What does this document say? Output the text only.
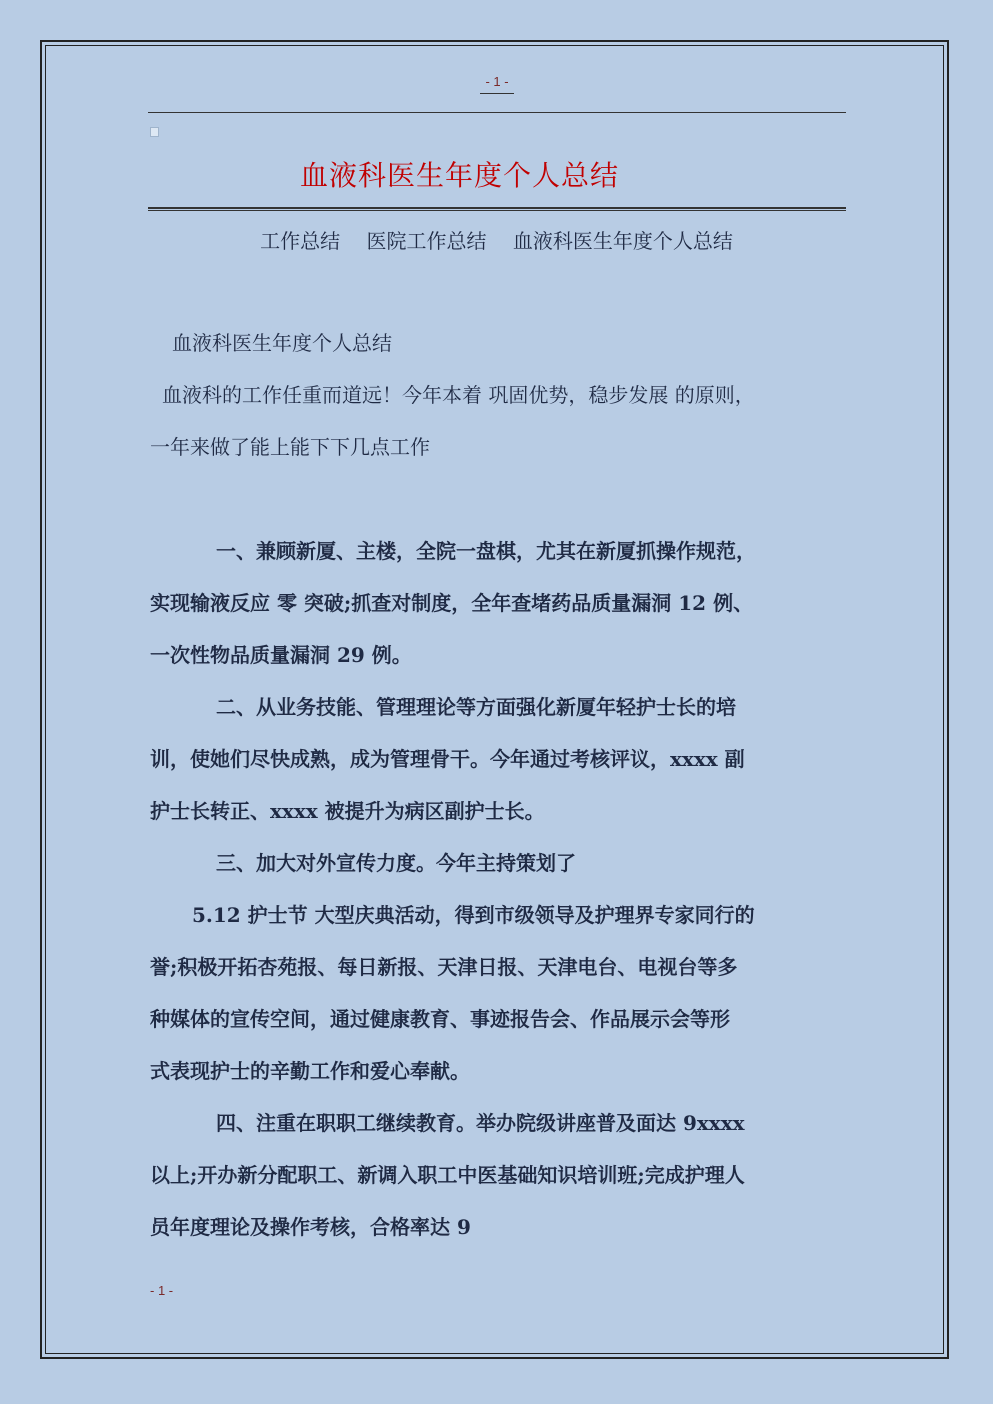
- 1 -
血液科医生年度个人总结
工作总结 医院工作总结 血液科医生年度个人总结
血液科医生年度个人总结
血液科的工作任重而道远！今年本着 巩固优势，稳步发展 的原则，
一年来做了能上能下下几点工作
一、兼顾新厦、主楼，全院一盘棋，尤其在新厦抓操作规范，
实现输液反应 零 突破;抓查对制度，全年查堵药品质量漏洞 12 例、
一次性物品质量漏洞 29 例。
二、从业务技能、管理理论等方面强化新厦年轻护士长的培
训，使她们尽快成熟，成为管理骨干。今年通过考核评议，xxxx 副
护士长转正、xxxx 被提升为病区副护士长。
三、加大对外宣传力度。今年主持策划了
5.12 护士节 大型庆典活动，得到市级领导及护理界专家同行的
誉;积极开拓杏苑报、每日新报、天津日报、天津电台、电视台等多
种媒体的宣传空间，通过健康教育、事迹报告会、作品展示会等形
式表现护士的辛勤工作和爱心奉献。
四、注重在职职工继续教育。举办院级讲座普及面达 9xxxx
以上;开办新分配职工、新调入职工中医基础知识培训班;完成护理人
员年度理论及操作考核，合格率达 9
- 1 -
